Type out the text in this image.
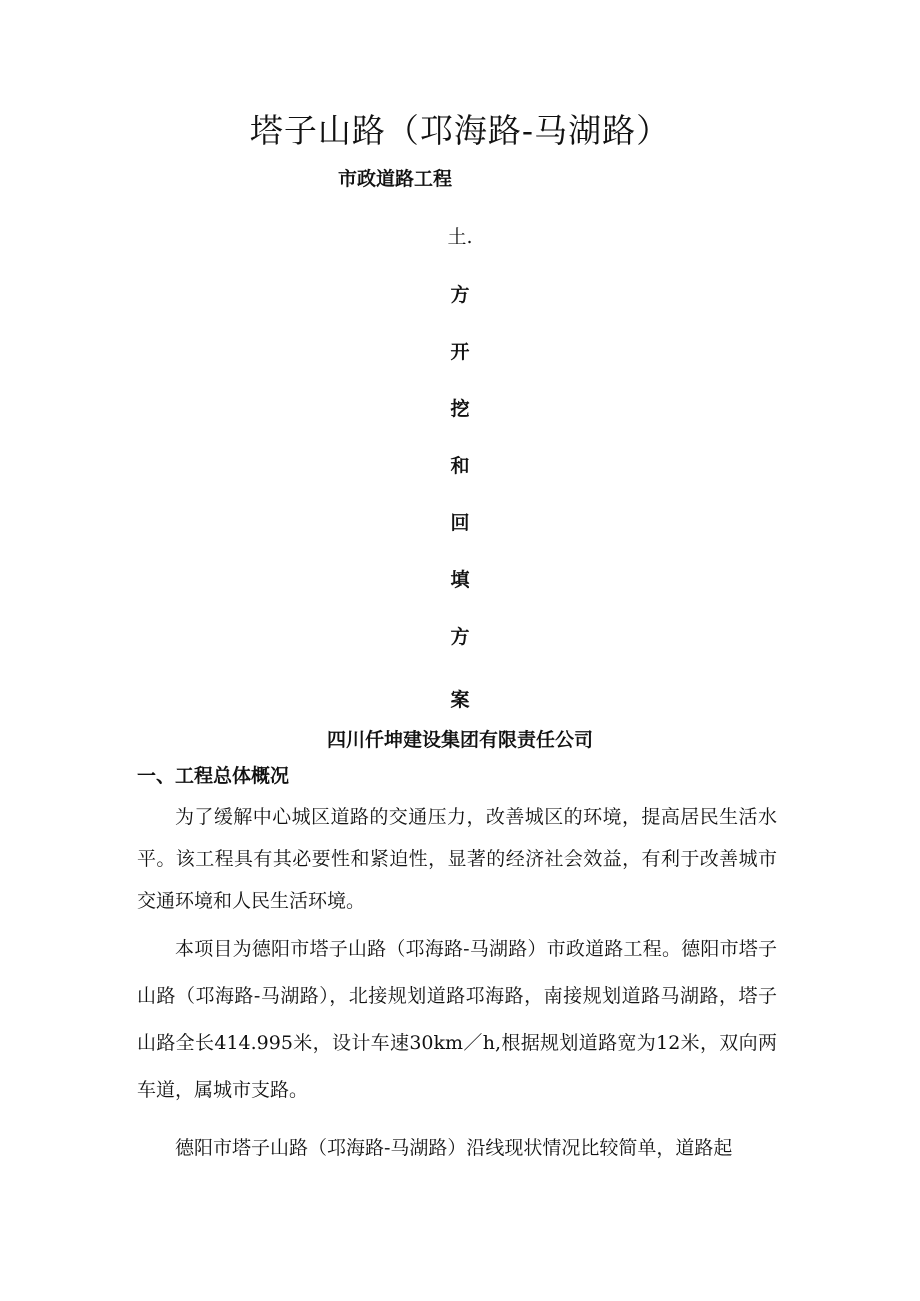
塔子山路（邛海路-马湖路）
市政道路工程
土.
方
开
挖
和
回
填
方
案
四川仟坤建设集团有限责任公司
一、工程总体概况

为了缓解中心城区道路的交通压力，改善城区的环境，提高居民生活水平。该工程具有其必要性和紧迫性，显著的经济社会效益，有利于改善城市交通环境和人民生活环境。

本项目为德阳市塔子山路（邛海路-马湖路）市政道路工程。德阳市塔子山路（邛海路-马湖路），北接规划道路邛海路，南接规划道路马湖路，塔子山路全长414.995米，设计车速30km／h,根据规划道路宽为12米，双向两车道，属城市支路。

德阳市塔子山路（邛海路-马湖路）沿线现状情况比较简单，道路起
